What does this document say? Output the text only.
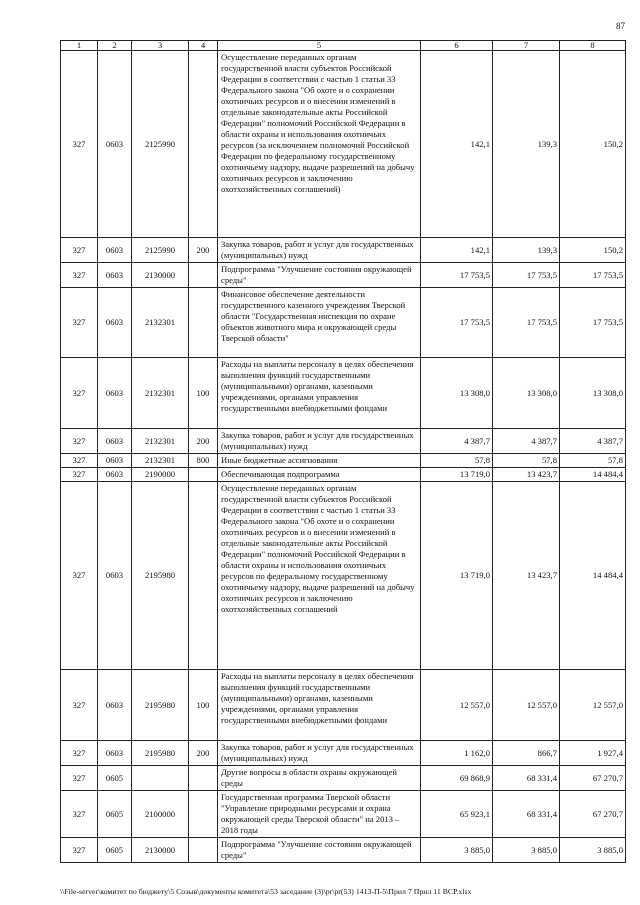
87
1	2	3	4	5	6	7	8
327	0603	2125990		Осуществление переданных органам государственной власти субъектов Российской Федерации в соответствии с частью 1 статьи 33 Федерального закона "Об охоте и о сохранении охотничьих ресурсов и о внесении изменений в отдельные законодательные акты Российской Федерации" полномочий Российской Федерации в области охраны и использования охотничьих ресурсов (за исключением полномочий Российской Федерации по федеральному государственному охотничьему надзору, выдаче разрешений на добычу охотничьих ресурсов и заключению охотхозяйственных соглашений)	142,1	139,3	150,2
327	0603	2125990	200	Закупка товаров, работ и услуг для государственных (муниципальных) нужд	142,1	139,3	150,2
327	0603	2130000		Подпрограмма "Улучшение состояния окружающей среды"	17 753,5	17 753,5	17 753,5
327	0603	2132301		Финансовое обеспечение деятельности государственного казенного учреждения Тверской области "Государственная инспекция по охране объектов животного мира и окружающей среды Тверской области"	17 753,5	17 753,5	17 753,5
327	0603	2132301	100	Расходы на выплаты персоналу в целях обеспечения выполнения функций государственными (муниципальными) органами, казенными учреждениями, органами управления государственными внебюджетными фондами	13 308,0	13 308,0	13 308,0
327	0603	2132301	200	Закупка товаров, работ и услуг для государственных (муниципальных) нужд	4 387,7	4 387,7	4 387,7
327	0603	2132301	800	Иные бюджетные ассигнования	57,8	57,8	57,8
327	0603	2190000		Обеспечивающая подпрограмма	13 719,0	13 423,7	14 484,4
327	0603	2195980		Осуществление переданных органам государственной власти субъектов Российской Федерации в соответствии с частью 1 статьи 33 Федерального закона "Об охоте и о сохранении охотничьих ресурсов и о внесении изменений в отдельные законодательные акты Российской Федерации" полномочий Российской Федерации в области охраны и использования охотничьих ресурсов по федеральному государственному охотничьему надзору, выдаче разрешений на добычу охотничьих ресурсов и заключению охотхозяйственных соглашений	13 719,0	13 423,7	14 484,4
327	0603	2195980	100	Расходы на выплаты персоналу в целях обеспечения выполнения функций государственными (муниципальными) органами, казенными учреждениями, органами управления государственными внебюджетными фондами	12 557,0	12 557,0	12 557,0
327	0603	2195980	200	Закупка товаров, работ и услуг для государственных (муниципальных) нужд	1 162,0	866,7	1 927,4
327	0605			Другие вопросы в области охраны окружающей среды	69 868,9	68 331,4	67 270,7
327	0605	2100000		Государственная программа Тверской области "Управление природными ресурсами и охрана окружающей среды Тверской области" на 2013 – 2018 годы	65 923,1	68 331,4	67 270,7
327	0605	2130000		Подпрограмма "Улучшение состояния окружающей среды"	3 885,0	3 885,0	3 885,0
\\File-server\комитет по бюджету\5 Созыв\документы комитета\53 заседание (3)\pr\pr(53) 1413-П-5\Прил 7 Прил 11 ВСР.xlsx
